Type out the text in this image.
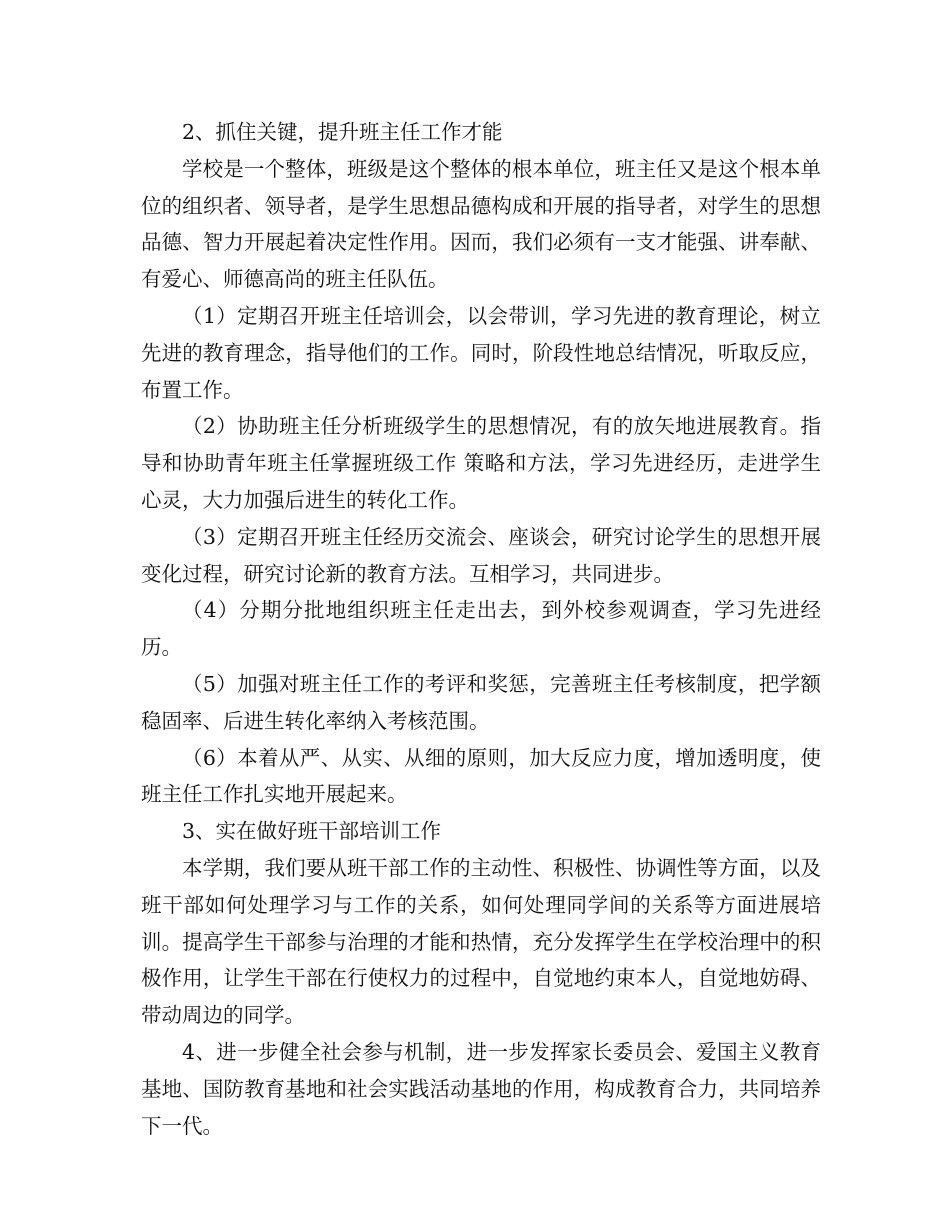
2、抓住关键，提升班主任工作才能

学校是一个整体，班级是这个整体的根本单位，班主任又是这个根本单位的组织者、领导者，是学生思想品德构成和开展的指导者，对学生的思想品德、智力开展起着决定性作用。因而，我们必须有一支才能强、讲奉献、有爱心、师德高尚的班主任队伍。

（1）定期召开班主任培训会，以会带训，学习先进的教育理论，树立先进的教育理念，指导他们的工作。同时，阶段性地总结情况，听取反应，布置工作。

（2）协助班主任分析班级学生的思想情况，有的放矢地进展教育。指导和协助青年班主任掌握班级工作 策略和方法，学习先进经历，走进学生心灵，大力加强后进生的转化工作。

（3）定期召开班主任经历交流会、座谈会，研究讨论学生的思想开展变化过程，研究讨论新的教育方法。互相学习，共同进步。

（4）分期分批地组织班主任走出去，到外校参观调查，学习先进经历。

（5）加强对班主任工作的考评和奖惩，完善班主任考核制度，把学额稳固率、后进生转化率纳入考核范围。

（6）本着从严、从实、从细的原则，加大反应力度，增加透明度，使班主任工作扎实地开展起来。

3、实在做好班干部培训工作

本学期，我们要从班干部工作的主动性、积极性、协调性等方面，以及班干部如何处理学习与工作的关系，如何处理同学间的关系等方面进展培训。提高学生干部参与治理的才能和热情，充分发挥学生在学校治理中的积极作用，让学生干部在行使权力的过程中，自觉地约束本人，自觉地妨碍、带动周边的同学。

4、进一步健全社会参与机制，进一步发挥家长委员会、爱国主义教育基地、国防教育基地和社会实践活动基地的作用，构成教育合力，共同培养下一代。
